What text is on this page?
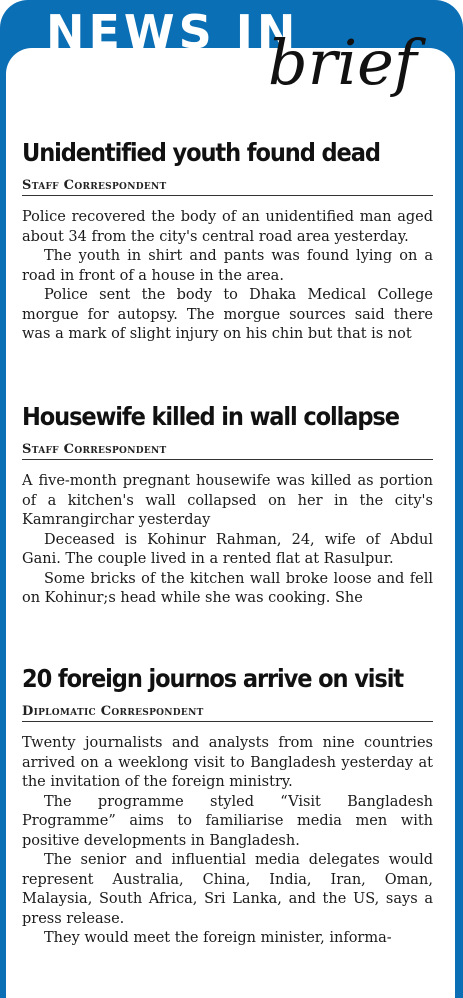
NEWS IN
brief
Unidentified youth found dead
Staff Correspondent

Police recovered the body of an unidentified man aged about 34 from the city's central road area yesterday.

The youth in shirt and pants was found lying on a road in front of a house in the area.

Police sent the body to Dhaka Medical College morgue for autopsy. The morgue sources said there was a mark of slight injury on his chin but that is not

Housewife killed in wall collapse
Staff Correspondent

A five-month pregnant housewife was killed as portion of a kitchen's wall collapsed on her in the city's Kamrangirchar yesterday

Deceased is Kohinur Rahman, 24, wife of Abdul Gani. The couple lived in a rented flat at Rasulpur.

Some bricks of the kitchen wall broke loose and fell on Kohinur;s head while she was cooking. She

20 foreign journos arrive on visit
Diplomatic Correspondent

Twenty journalists and analysts from nine countries arrived on a weeklong visit to Bangladesh yesterday at the invitation of the foreign ministry.

The programme styled “Visit Bangladesh Programme” aims to familiarise media men with positive developments in Bangladesh.

The senior and influential media delegates would represent Australia, China, India, Iran, Oman, Malaysia, South Africa, Sri Lanka, and the US, says a press release.

They would meet the foreign minister, informa-
